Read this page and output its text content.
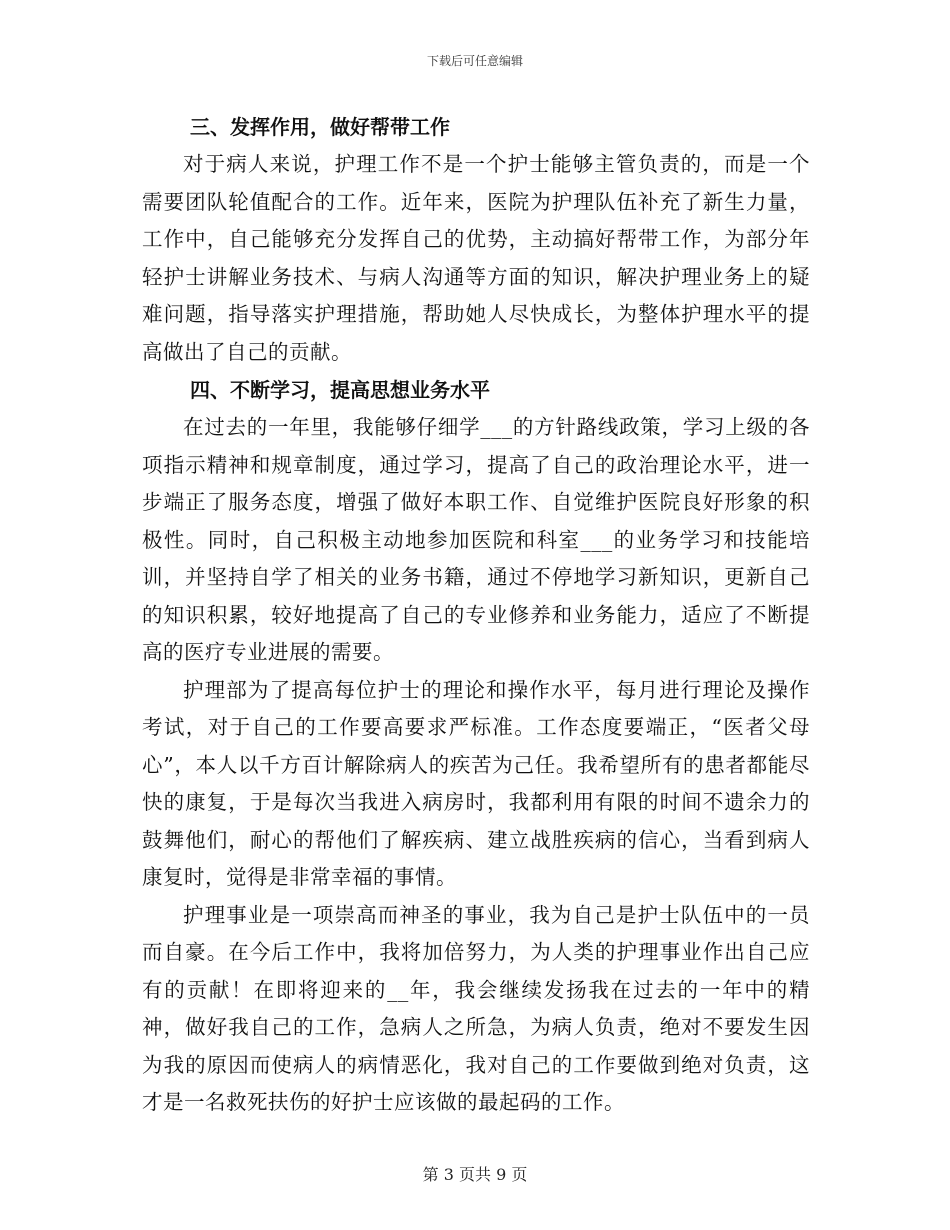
下载后可任意编辑
三、发挥作用，做好帮带工作

对于病人来说，护理工作不是一个护士能够主管负责的，而是一个需要团队轮值配合的工作。近年来，医院为护理队伍补充了新生力量，工作中，自己能够充分发挥自己的优势，主动搞好帮带工作，为部分年轻护士讲解业务技术、与病人沟通等方面的知识，解决护理业务上的疑难问题，指导落实护理措施，帮助她人尽快成长，为整体护理水平的提高做出了自己的贡献。

四、不断学习，提高思想业务水平

在过去的一年里，我能够仔细学___的方针路线政策，学习上级的各项指示精神和规章制度，通过学习，提高了自己的政治理论水平，进一步端正了服务态度，增强了做好本职工作、自觉维护医院良好形象的积极性。同时，自己积极主动地参加医院和科室___的业务学习和技能培训，并坚持自学了相关的业务书籍，通过不停地学习新知识，更新自己的知识积累，较好地提高了自己的专业修养和业务能力，适应了不断提高的医疗专业进展的需要。

护理部为了提高每位护士的理论和操作水平，每月进行理论及操作考试，对于自己的工作要高要求严标准。工作态度要端正，“医者父母心”，本人以千方百计解除病人的疾苦为己任。我希望所有的患者都能尽快的康复，于是每次当我进入病房时，我都利用有限的时间不遗余力的鼓舞他们，耐心的帮他们了解疾病、建立战胜疾病的信心，当看到病人康复时，觉得是非常幸福的事情。

护理事业是一项崇高而神圣的事业，我为自己是护士队伍中的一员而自豪。在今后工作中，我将加倍努力，为人类的护理事业作出自己应有的贡献！在即将迎来的__年，我会继续发扬我在过去的一年中的精神，做好我自己的工作，急病人之所急，为病人负责，绝对不要发生因为我的原因而使病人的病情恶化，我对自己的工作要做到绝对负责，这才是一名救死扶伤的好护士应该做的最起码的工作。

第 3 页共 9 页
